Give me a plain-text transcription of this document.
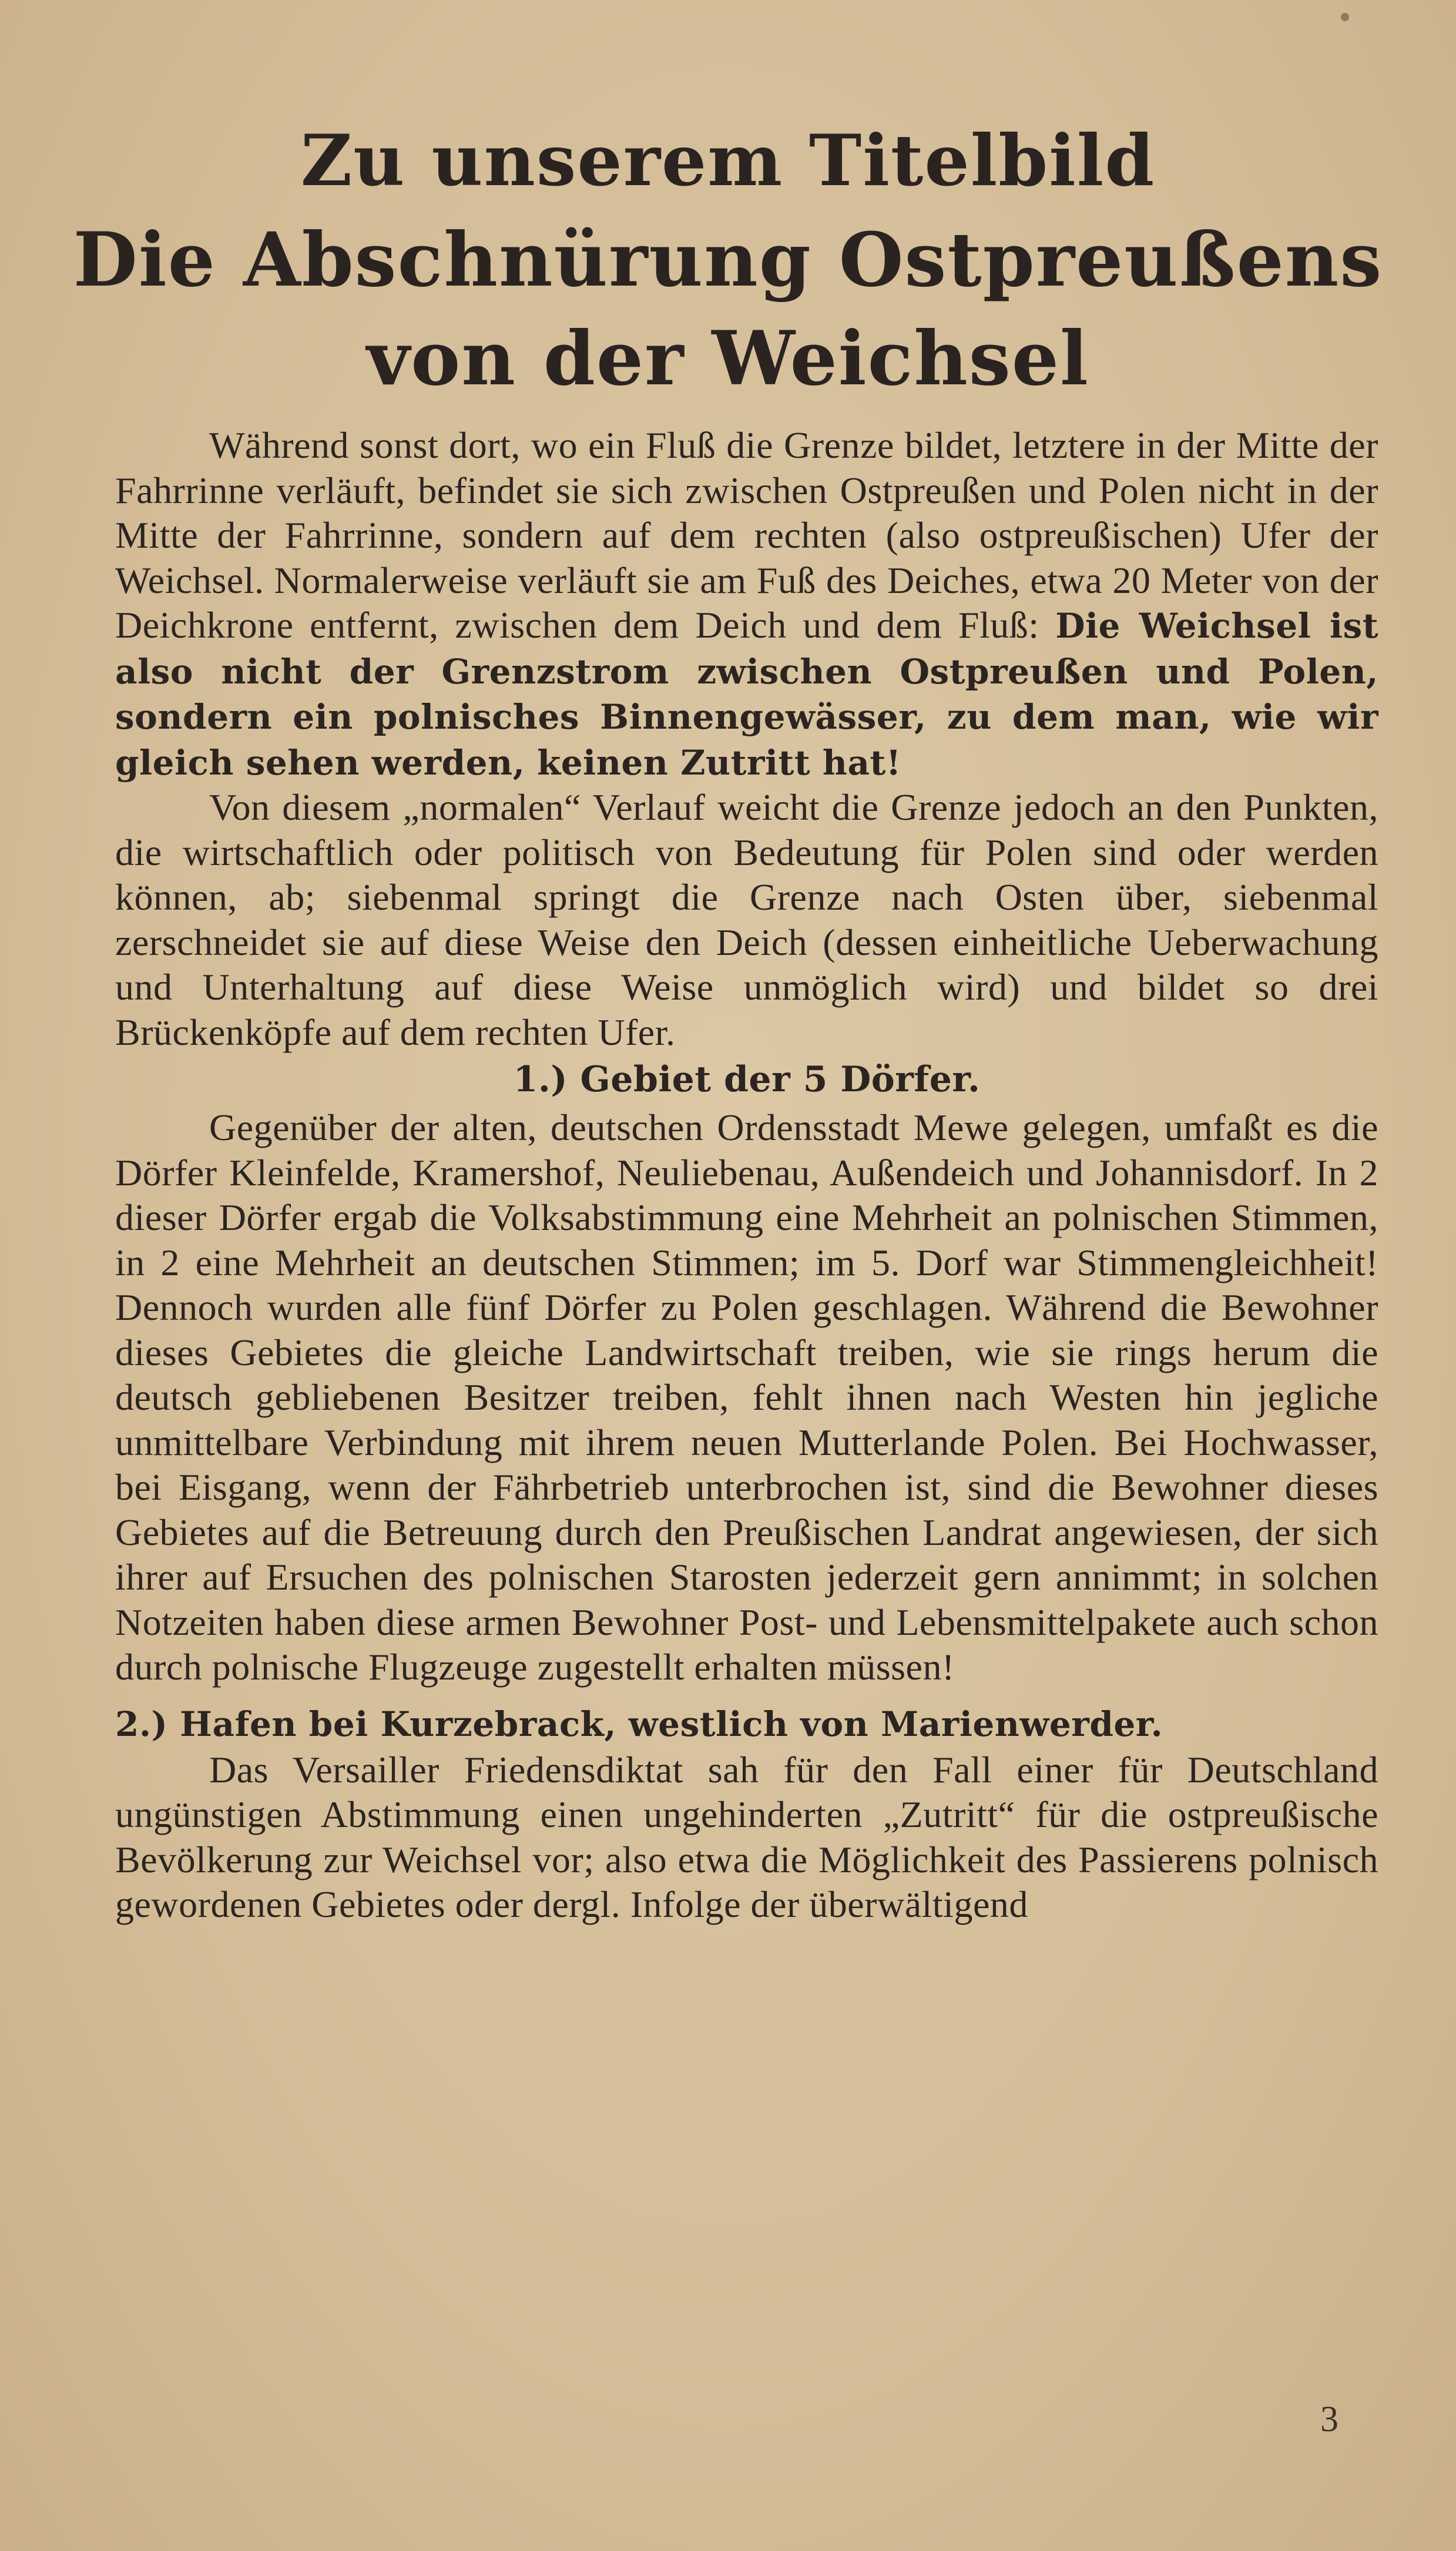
Zu unserem Titelbild
Die Abschnürung Ostpreußens
von der Weichsel

Während sonst dort, wo ein Fluß die Grenze bildet, letztere in der Mitte der Fahrrinne verläuft, befindet sie sich zwischen Ostpreußen und Polen nicht in der Mitte der Fahrrinne, sondern auf dem rechten (also ostpreußischen) Ufer der Weichsel. Normalerweise verläuft sie am Fuß des Deiches, etwa 20 Meter von der Deichkrone entfernt, zwischen dem Deich und dem Fluß: Die Weichsel ist also nicht der Grenzstrom zwischen Ostpreußen und Polen, sondern ein polnisches Binnengewässer, zu dem man, wie wir gleich sehen werden, keinen Zutritt hat!

Von diesem „normalen“ Verlauf weicht die Grenze jedoch an den Punkten, die wirtschaftlich oder politisch von Bedeutung für Polen sind oder werden können, ab; siebenmal springt die Grenze nach Osten über, siebenmal zerschneidet sie auf diese Weise den Deich (dessen einheitliche Ueberwachung und Unterhaltung auf diese Weise unmöglich wird) und bildet so drei Brückenköpfe auf dem rechten Ufer.

1.) Gebiet der 5 Dörfer.

Gegenüber der alten, deutschen Ordensstadt Mewe gelegen, umfaßt es die Dörfer Kleinfelde, Kramershof, Neuliebenau, Außendeich und Johannisdorf. In 2 dieser Dörfer ergab die Volksabstimmung eine Mehrheit an polnischen Stimmen, in 2 eine Mehrheit an deutschen Stimmen; im 5. Dorf war Stimmengleichheit! Dennoch wurden alle fünf Dörfer zu Polen geschlagen. Während die Bewohner dieses Gebietes die gleiche Landwirtschaft treiben, wie sie rings herum die deutsch gebliebenen Besitzer treiben, fehlt ihnen nach Westen hin jegliche unmittelbare Verbindung mit ihrem neuen Mutterlande Polen. Bei Hochwasser, bei Eisgang, wenn der Fährbetrieb unterbrochen ist, sind die Bewohner dieses Gebietes auf die Betreuung durch den Preußischen Landrat angewiesen, der sich ihrer auf Ersuchen des polnischen Starosten jederzeit gern annimmt; in solchen Notzeiten haben diese armen Bewohner Post- und Lebensmittelpakete auch schon durch polnische Flugzeuge zugestellt erhalten müssen!

2.) Hafen bei Kurzebrack, westlich von Marienwerder.

Das Versailler Friedensdiktat sah für den Fall einer für Deutschland ungünstigen Abstimmung einen ungehinderten „Zutritt“ für die ostpreußische Bevölkerung zur Weichsel vor; also etwa die Möglichkeit des Passierens polnisch gewordenen Gebietes oder dergl. Infolge der überwältigend

3
